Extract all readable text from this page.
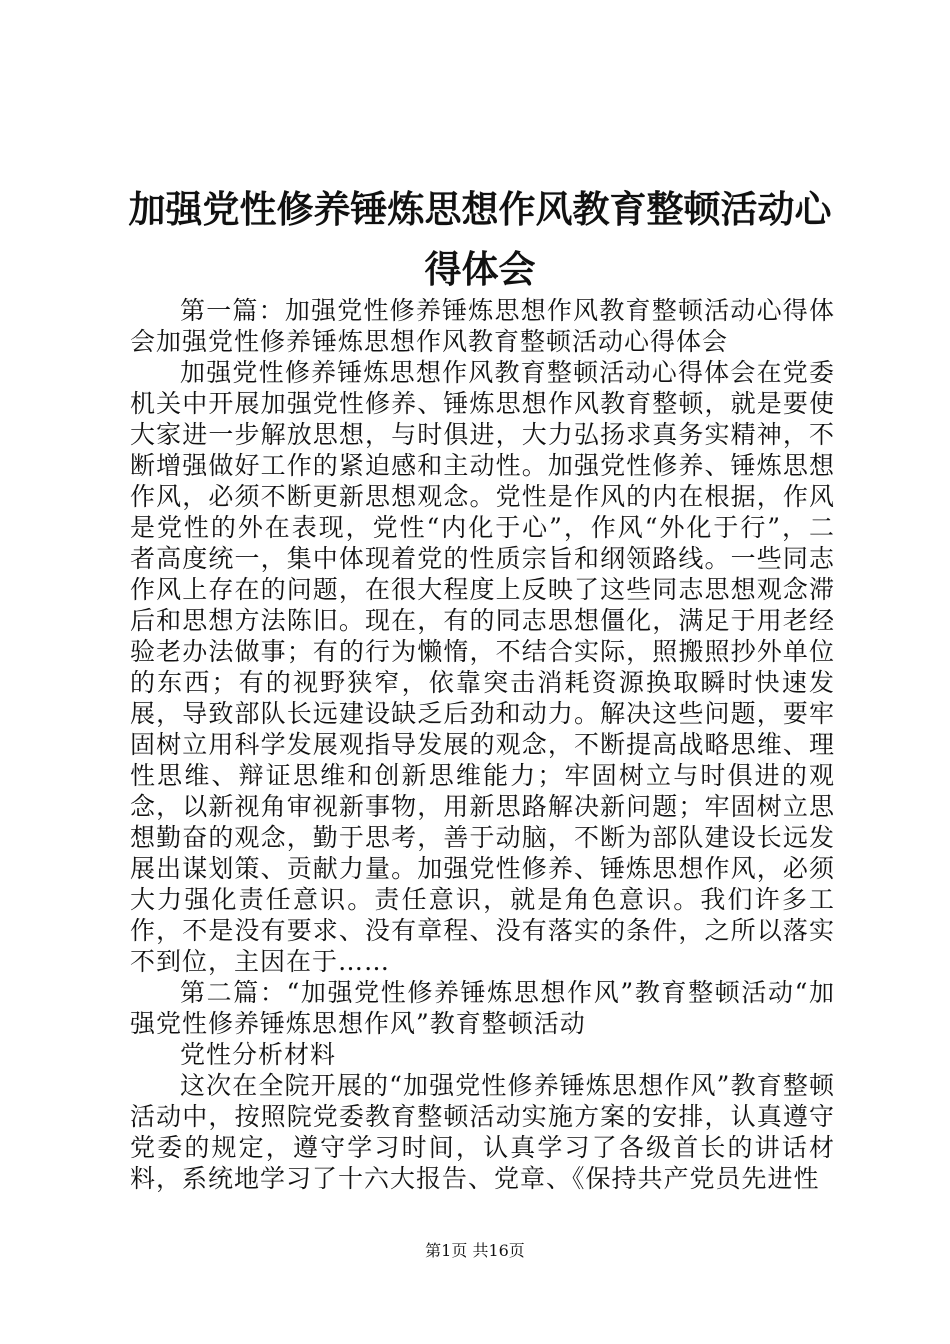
加强党性修养锤炼思想作风教育整顿活动心得体会

第一篇：加强党性修养锤炼思想作风教育整顿活动心得体会加强党性修养锤炼思想作风教育整顿活动心得体会

加强党性修养锤炼思想作风教育整顿活动心得体会在党委机关中开展加强党性修养、锤炼思想作风教育整顿，就是要使大家进一步解放思想，与时俱进，大力弘扬求真务实精神，不断增强做好工作的紧迫感和主动性。加强党性修养、锤炼思想作风，必须不断更新思想观念。党性是作风的内在根据，作风是党性的外在表现，党性“内化于心”，作风“外化于行”，二者高度统一，集中体现着党的性质宗旨和纲领路线。一些同志作风上存在的问题，在很大程度上反映了这些同志思想观念滞后和思想方法陈旧。现在，有的同志思想僵化，满足于用老经验老办法做事；有的行为懒惰，不结合实际，照搬照抄外单位的东西；有的视野狭窄，依靠突击消耗资源换取瞬时快速发展，导致部队长远建设缺乏后劲和动力。解决这些问题，要牢固树立用科学发展观指导发展的观念，不断提高战略思维、理性思维、辩证思维和创新思维能力；牢固树立与时俱进的观念，以新视角审视新事物，用新思路解决新问题；牢固树立思想勤奋的观念，勤于思考，善于动脑，不断为部队建设长远发展出谋划策、贡献力量。加强党性修养、锤炼思想作风，必须大力强化责任意识。责任意识，就是角色意识。我们许多工作，不是没有要求、没有章程、没有落实的条件，之所以落实不到位，主因在于……

第二篇：“加强党性修养锤炼思想作风”教育整顿活动“加强党性修养锤炼思想作风”教育整顿活动

党性分析材料

这次在全院开展的“加强党性修养锤炼思想作风”教育整顿活动中，按照院党委教育整顿活动实施方案的安排，认真遵守党委的规定，遵守学习时间，认真学习了各级首长的讲话材料，系统地学习了十六大报告、党章、《保持共产党员先进性

第1页 共16页
